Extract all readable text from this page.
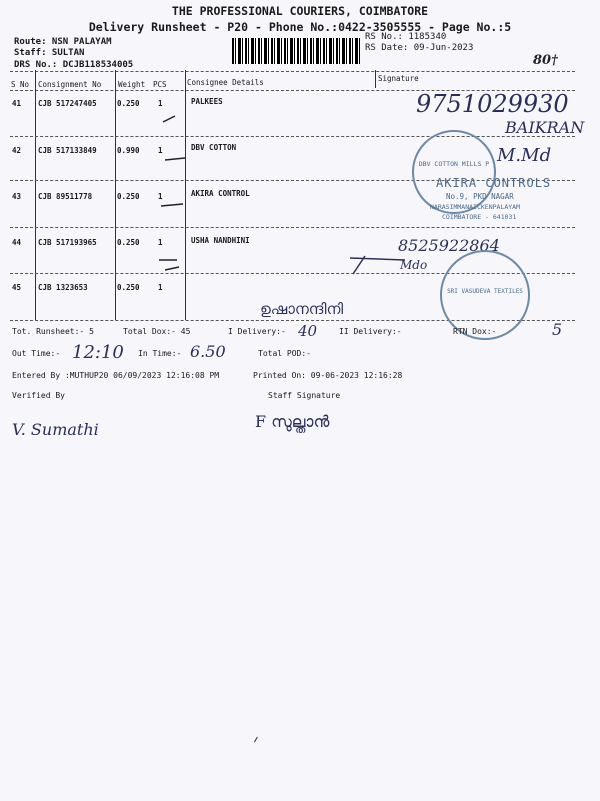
THE PROFESSIONAL COURIERS, COIMBATORE
Delivery Runsheet - P20 - Phone No.:0422-3505555 - Page No.:5
Route: NSN PALAYAM
Staff: SULTAN
DRS No.: DCJB118534005
RS No.: 1185340
RS Date: 09-Jun-2023
80†
S No Consignment No Weight PCS	Consignee Details	Signature
41 CJB 517247405	0.250 1	PALKEES
42 CJB 517133849	0.990 1	DBV COTTON
43 CJB 89511778	0.250 1	AKIRA CONTROL
44 CJB 517193965	0.250 1	USHA NANDHINI
45 CJB 1323653	0.250 1
9751029930
BAIKRAN
M.Md
8525922864
Mdo
DBV COTTON MILLS P
AKIRA CONTROLS
No.9, PKD NAGAR
NARASIMMANAICKENPALAYAM
COIMBATORE - 641031
SRI VASUDEVA TEXTILES
ഉഷാനന്ദിനി
Tot. Runsheet:- 5	Total Dox:- 45	I Delivery:- 40	II Delivery:-	RTN Dox:-	5
Out Time:- 12:10 In Time:- 6.50	Total POD:-
Entered By :MUTHUP20 06/09/2023 12:16:08 PM	Printed On: 09-06-2023 12:16:28
Verified By	Staff Signature
V. Sumathi	F സുല്താൻ
